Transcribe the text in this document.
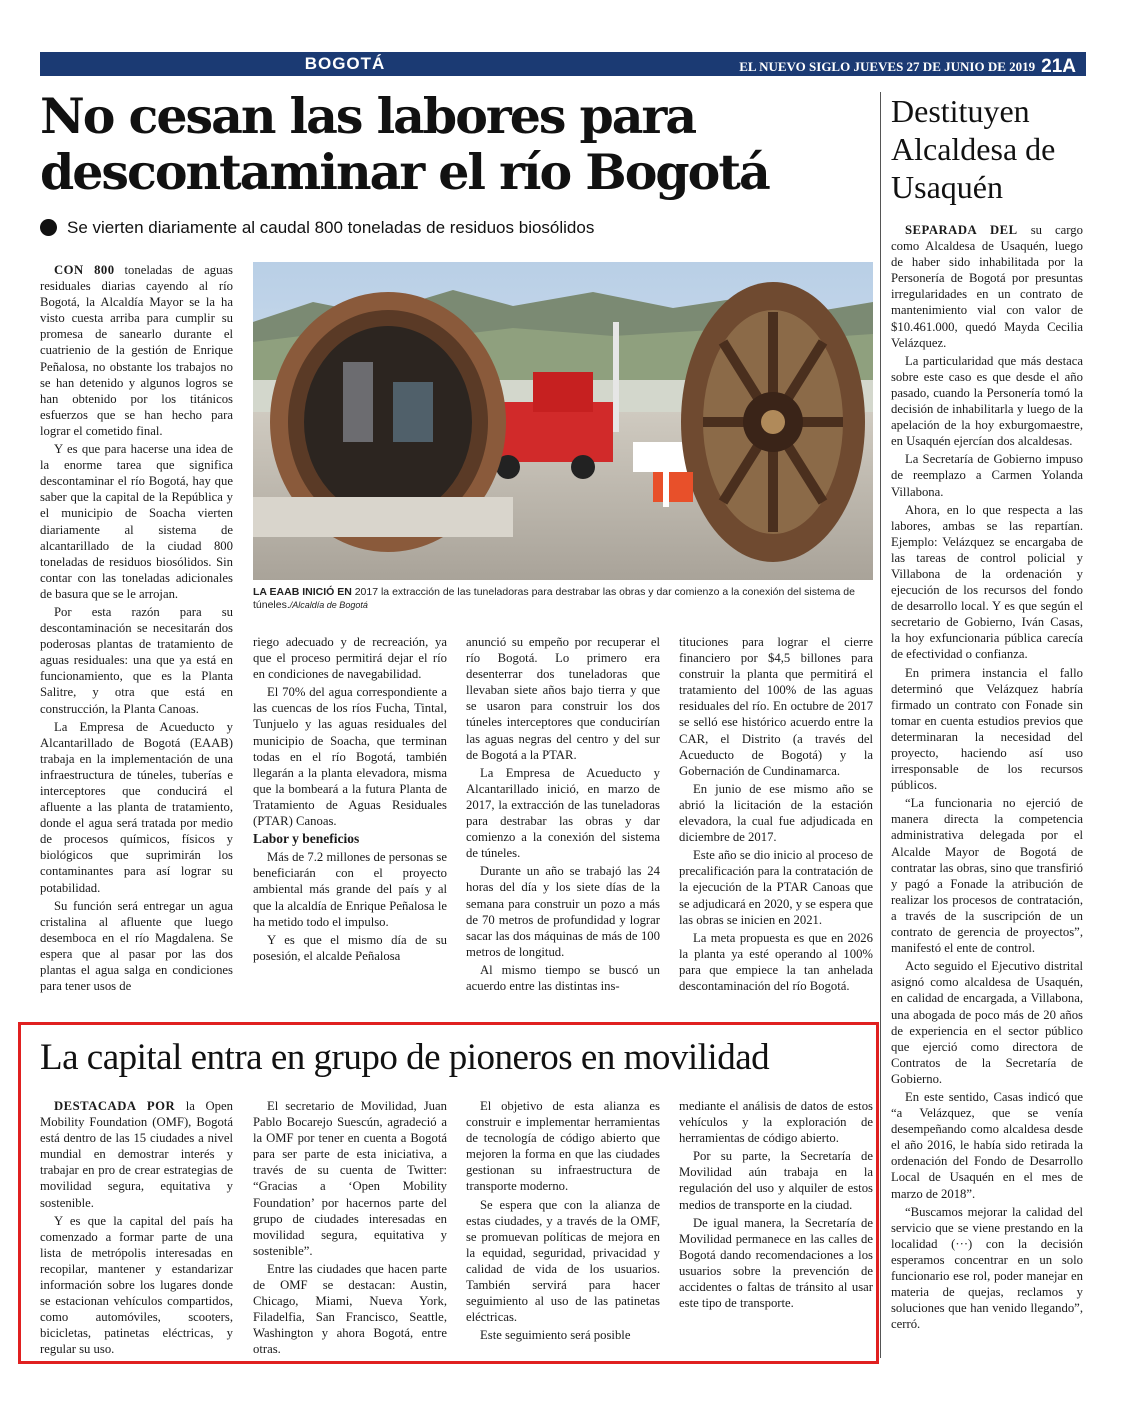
BOGOTÁ	EL NUEVO SIGLO JUEVES 27 DE JUNIO DE 2019 21A
No cesan las labores para descontaminar el río Bogotá
Se vierten diariamente al caudal 800 toneladas de residuos biosólidos

CON 800 toneladas de aguas residuales diarias cayendo al río Bogotá, la Alcaldía Mayor se la ha visto cuesta arriba para cumplir su promesa de sanearlo durante el cuatrienio de la gestión de Enrique Peñalosa, no obstante los trabajos no se han detenido y algunos logros se han obtenido por los titánicos esfuerzos que se han hecho para lograr el cometido final.

Y es que para hacerse una idea de la enorme tarea que significa descontaminar el río Bogotá, hay que saber que la capital de la República y el municipio de Soacha vierten diariamente al sistema de alcantarillado de la ciudad 800 toneladas de residuos biosólidos. Sin contar con las toneladas adicionales de basura que se le arrojan.

Por esta razón para su descontaminación se necesitarán dos poderosas plantas de tratamiento de aguas residuales: una que ya está en funcionamiento, que es la Planta Salitre, y otra que está en construcción, la Planta Canoas.

La Empresa de Acueducto y Alcantarillado de Bogotá (EAAB) trabaja en la implementación de una infraestructura de túneles, tuberías e interceptores que conducirá el afluente a las planta de tratamiento, donde el agua será tratada por medio de procesos químicos, físicos y biológicos que suprimirán los contaminantes para así lograr su potabilidad.

Su función será entregar un agua cristalina al afluente que luego desemboca en el río Magdalena. Se espera que al pasar por las dos plantas el agua salga en condiciones para tener usos de

LA EAAB INICIÓ EN 2017 la extracción de las tuneladoras para destrabar las obras y dar comienzo a la conexión del sistema de túneles./Alcaldía de Bogotá

riego adecuado y de recreación, ya que el proceso permitirá dejar el río en condiciones de navegabilidad.

El 70% del agua correspondiente a las cuencas de los ríos Fucha, Tintal, Tunjuelo y las aguas residuales del municipio de Soacha, que terminan todas en el río Bogotá, también llegarán a la planta elevadora, misma que la bombeará a la futura Planta de Tratamiento de Aguas Residuales (PTAR) Canoas.

Labor y beneficios

Más de 7.2 millones de personas se beneficiarán con el proyecto ambiental más grande del país y al que la alcaldía de Enrique Peñalosa le ha metido todo el impulso.

Y es que el mismo día de su posesión, el alcalde Peñalosa

anunció su empeño por recuperar el río Bogotá. Lo primero era desenterrar dos tuneladoras que llevaban siete años bajo tierra y que se usaron para construir los dos túneles interceptores que conducirían las aguas negras del centro y del sur de Bogotá a la PTAR.

La Empresa de Acueducto y Alcantarillado inició, en marzo de 2017, la extracción de las tuneladoras para destrabar las obras y dar comienzo a la conexión del sistema de túneles.

Durante un año se trabajó las 24 horas del día y los siete días de la semana para construir un pozo a más de 70 metros de profundidad y lograr sacar las dos máquinas de más de 100 metros de longitud.

Al mismo tiempo se buscó un acuerdo entre las distintas ins-

tituciones para lograr el cierre financiero por $4,5 billones para construir la planta que permitirá el tratamiento del 100% de las aguas residuales del río. En octubre de 2017 se selló ese histórico acuerdo entre la CAR, el Distrito (a través del Acueducto de Bogotá) y la Gobernación de Cundinamarca.

En junio de ese mismo año se abrió la licitación de la estación elevadora, la cual fue adjudicada en diciembre de 2017.

Este año se dio inicio al proceso de precalificación para la contratación de la ejecución de la PTAR Canoas que se adjudicará en 2020, y se espera que las obras se inicien en 2021.

La meta propuesta es que en 2026 la planta ya esté operando al 100% para que empiece la tan anhelada descontaminación del río Bogotá.

Destituyen Alcaldesa de Usaquén

SEPARADA DEL su cargo como Alcaldesa de Usaquén, luego de haber sido inhabilitada por la Personería de Bogotá por presuntas irregularidades en un contrato de mantenimiento vial con valor de $10.461.000, quedó Mayda Cecilia Velázquez.

La particularidad que más destaca sobre este caso es que desde el año pasado, cuando la Personería tomó la decisión de inhabilitarla y luego de la apelación de la hoy exburgomaestre, en Usaquén ejercían dos alcaldesas.

La Secretaría de Gobierno impuso de reemplazo a Carmen Yolanda Villabona.

Ahora, en lo que respecta a las labores, ambas se las repartían. Ejemplo: Velázquez se encargaba de las tareas de control policial y Villabona de la ordenación y ejecución de los recursos del fondo de desarrollo local. Y es que según el secretario de Gobierno, Iván Casas, la hoy exfuncionaria pública carecía de efectividad o confianza.

En primera instancia el fallo determinó que Velázquez habría firmado un contrato con Fonade sin tomar en cuenta estudios previos que determinaran la necesidad del proyecto, haciendo así uso irresponsable de los recursos públicos.

“La funcionaria no ejerció de manera directa la competencia administrativa delegada por el Alcalde Mayor de Bogotá de contratar las obras, sino que transfirió y pagó a Fonade la atribución de realizar los procesos de contratación, a través de la suscripción de un contrato de gerencia de proyectos”, manifestó el ente de control.

Acto seguido el Ejecutivo distrital asignó como alcaldesa de Usaquén, en calidad de encargada, a Villabona, una abogada de poco más de 20 años de experiencia en el sector público que ejerció como directora de Contratos de la Secretaría de Gobierno.

En este sentido, Casas indicó que “a Velázquez, que se venía desempeñando como alcaldesa desde el año 2016, le había sido retirada la ordenación del Fondo de Desarrollo Local de Usaquén en el mes de marzo de 2018”.

“Buscamos mejorar la calidad del servicio que se viene prestando en la localidad (···) con la decisión esperamos concentrar en un solo funcionario ese rol, poder manejar en materia de quejas, reclamos y soluciones que han venido llegando”, cerró.

La capital entra en grupo de pioneros en movilidad

DESTACADA POR la Open Mobility Foundation (OMF), Bogotá está dentro de las 15 ciudades a nivel mundial en demostrar interés y trabajar en pro de crear estrategias de movilidad segura, equitativa y sostenible.

Y es que la capital del país ha comenzado a formar parte de una lista de metrópolis interesadas en recopilar, mantener y estandarizar información sobre los lugares donde se estacionan vehículos compartidos, como automóviles, scooters, bicicletas, patinetas eléctricas, y regular su uso.

El secretario de Movilidad, Juan Pablo Bocarejo Suescún, agradeció a la OMF por tener en cuenta a Bogotá para ser parte de esta iniciativa, a través de su cuenta de Twitter: “Gracias a ‘Open Mobility Foundation’ por hacernos parte del grupo de ciudades interesadas en movilidad segura, equitativa y sostenible”.

Entre las ciudades que hacen parte de OMF se destacan: Austin, Chicago, Miami, Nueva York, Filadelfia, San Francisco, Seattle, Washington y ahora Bogotá, entre otras.

El objetivo de esta alianza es construir e implementar herramientas de tecnología de código abierto que mejoren la forma en que las ciudades gestionan su infraestructura de transporte moderno.

Se espera que con la alianza de estas ciudades, y a través de la OMF, se promuevan políticas de mejora en la equidad, seguridad, privacidad y calidad de vida de los usuarios. También servirá para hacer seguimiento al uso de las patinetas eléctricas.

Este seguimiento será posible

mediante el análisis de datos de estos vehículos y la exploración de herramientas de código abierto.

Por su parte, la Secretaría de Movilidad aún trabaja en la regulación del uso y alquiler de estos medios de transporte en la ciudad.

De igual manera, la Secretaría de Movilidad permanece en las calles de Bogotá dando recomendaciones a los usuarios sobre la prevención de accidentes o faltas de tránsito al usar este tipo de transporte.
